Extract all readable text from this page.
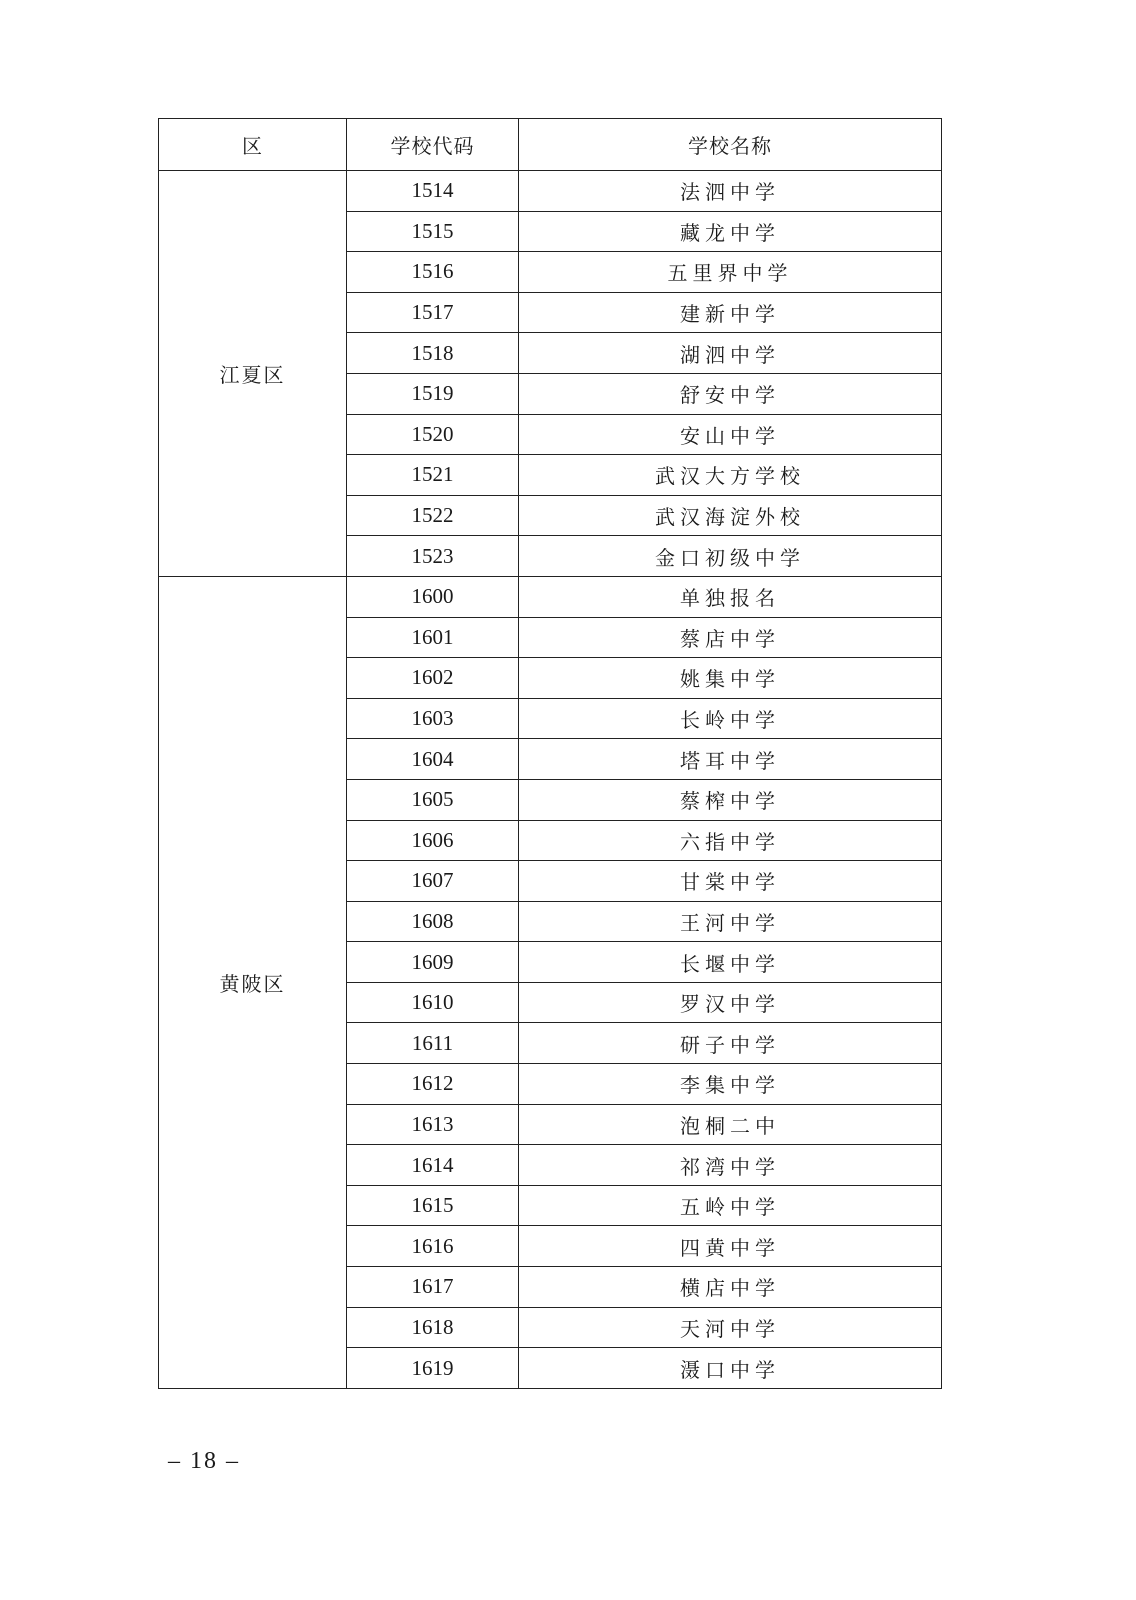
区	学校代码	学校名称
江夏区	1514	法泗中学
	1515	藏龙中学
	1516	五里界中学
	1517	建新中学
	1518	湖泗中学
	1519	舒安中学
	1520	安山中学
	1521	武汉大方学校
	1522	武汉海淀外校
	1523	金口初级中学
黄陂区	1600	单独报名
	1601	蔡店中学
	1602	姚集中学
	1603	长岭中学
	1604	塔耳中学
	1605	蔡榨中学
	1606	六指中学
	1607	甘棠中学
	1608	王河中学
	1609	长堰中学
	1610	罗汉中学
	1611	研子中学
	1612	李集中学
	1613	泡桐二中
	1614	祁湾中学
	1615	五岭中学
	1616	四黄中学
	1617	横店中学
	1618	天河中学
	1619	滠口中学
– 18 –
